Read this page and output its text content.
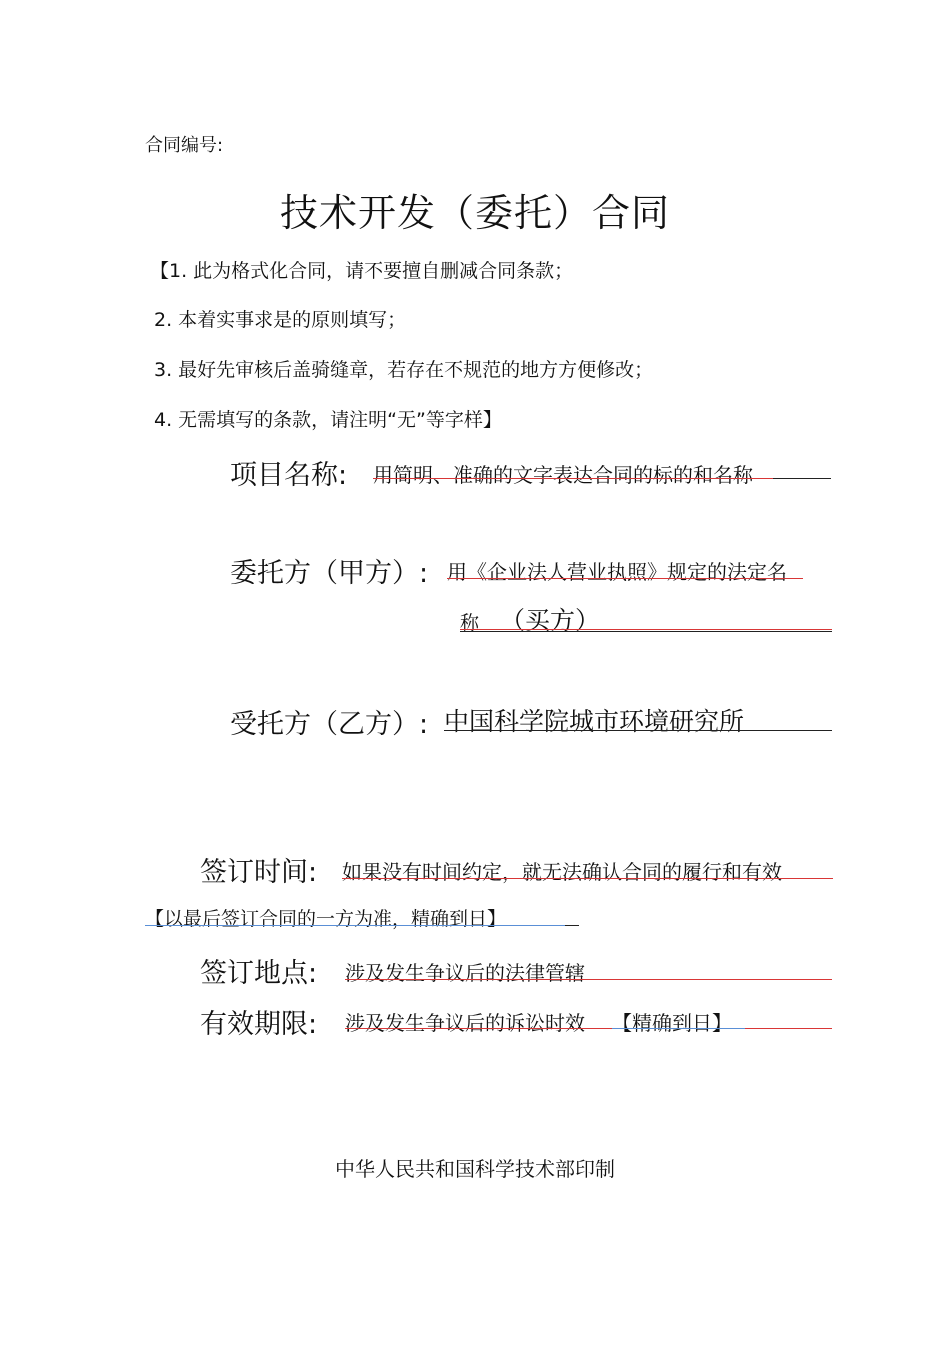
合同编号:
技术开发（委托）合同
【1. 此为格式化合同，请不要擅自删减合同条款；
2. 本着实事求是的原则填写；
3. 最好先审核后盖骑缝章，若存在不规范的地方方便修改；
4. 无需填写的条款，请注明“无”等字样】
项目名称: 用简明、准确的文字表达合同的标的和名称
委托方（甲方）: 用《企业法人营业执照》规定的法定名
称 （买方）
受托方（乙方）: 中国科学院城市环境研究所
签订时间: 如果没有时间约定，就无法确认合同的履行和有效
【以最后签订合同的一方为准，精确到日】
签订地点: 涉及发生争议后的法律管辖
有效期限: 涉及发生争议后的诉讼时效 【精确到日】
中华人民共和国科学技术部印制
